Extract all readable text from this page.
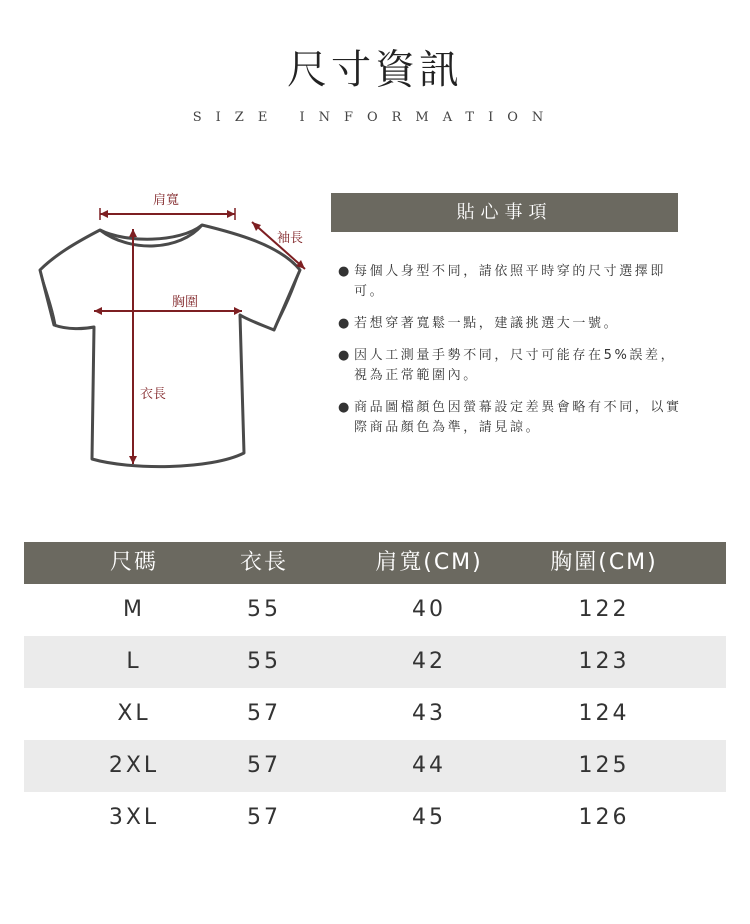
尺寸資訊
SIZE INFORMATION
肩寬
袖長
胸圍
衣長
貼心事項
● 每個人身型不同，請依照平時穿的尺寸選擇即可。
● 若想穿著寬鬆一點，建議挑選大一號。
● 因人工測量手勢不同，尺寸可能存在5%誤差，視為正常範圍內。
● 商品圖檔顏色因螢幕設定差異會略有不同，以實際商品顏色為準，請見諒。
尺碼	衣長	肩寬(CM)	胸圍(CM)
M	55	40	122
L	55	42	123
XL	57	43	124
2XL	57	44	125
3XL	57	45	126
